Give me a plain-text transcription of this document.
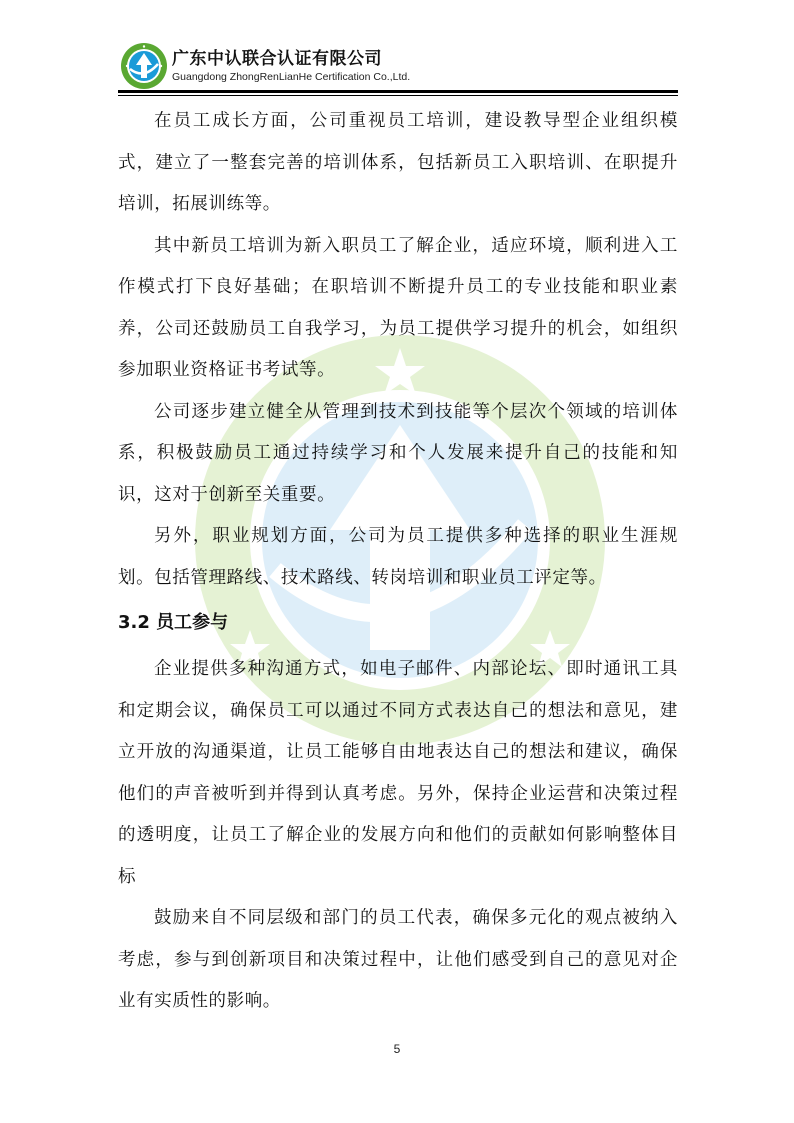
广东中认联合认证有限公司
Guangdong ZhongRenLianHe Certification Co.,Ltd.

在员工成长方面，公司重视员工培训，建设教导型企业组织模式，建立了一整套完善的培训体系，包括新员工入职培训、在职提升培训，拓展训练等。

其中新员工培训为新入职员工了解企业，适应环境，顺利进入工作模式打下良好基础；在职培训不断提升员工的专业技能和职业素养，公司还鼓励员工自我学习，为员工提供学习提升的机会，如组织参加职业资格证书考试等。

公司逐步建立健全从管理到技术到技能等个层次个领域的培训体系，积极鼓励员工通过持续学习和个人发展来提升自己的技能和知识，这对于创新至关重要。

另外，职业规划方面，公司为员工提供多种选择的职业生涯规划。包括管理路线、技术路线、转岗培训和职业员工评定等。

3.2 员工参与

企业提供多种沟通方式，如电子邮件、内部论坛、即时通讯工具和定期会议，确保员工可以通过不同方式表达自己的想法和意见，建立开放的沟通渠道，让员工能够自由地表达自己的想法和建议，确保他们的声音被听到并得到认真考虑。另外，保持企业运营和决策过程的透明度，让员工了解企业的发展方向和他们的贡献如何影响整体目标

鼓励来自不同层级和部门的员工代表，确保多元化的观点被纳入考虑，参与到创新项目和决策过程中，让他们感受到自己的意见对企业有实质性的影响。

5
